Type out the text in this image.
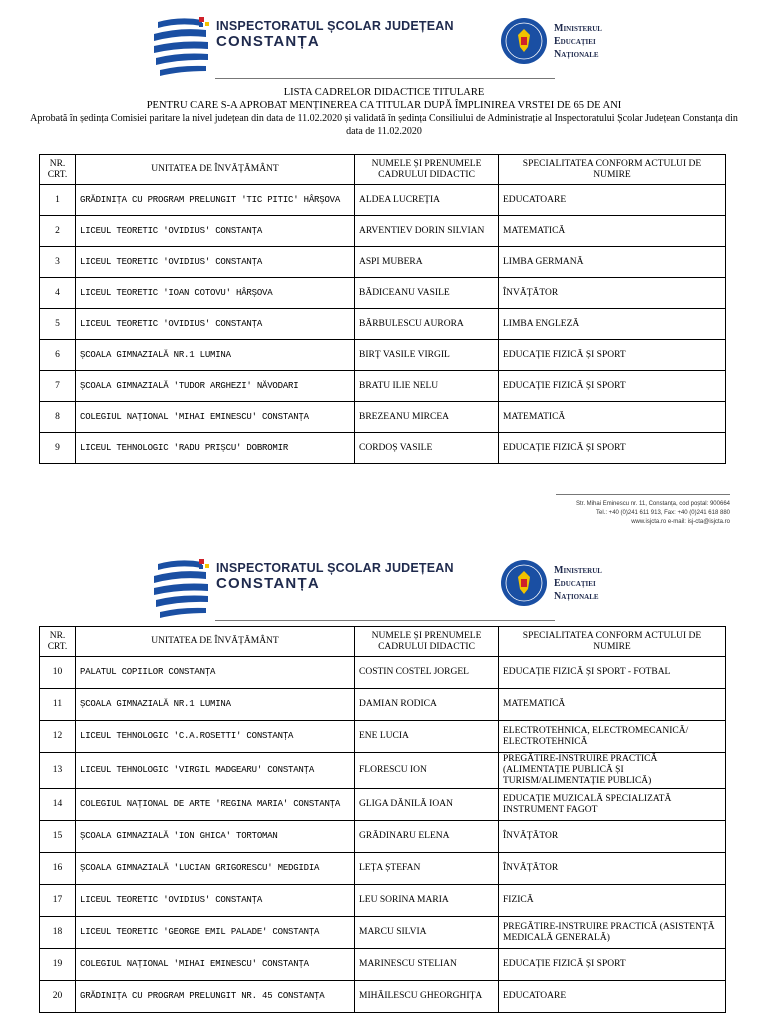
INSPECTORATUL ȘCOLAR JUDEȚEAN
CONSTANȚA
Ministerul
Educației
Naționale
LISTA CADRELOR DIDACTICE TITULARE
PENTRU CARE S-A APROBAT MENȚINEREA CA TITULAR DUPĂ ÎMPLINIREA VRSTEI DE 65 DE ANI
Aprobată în ședința Comisiei paritare la nivel județean din data de 11.02.2020 și validată în ședința Consiliului de Administrație al Inspectoratului Școlar Județean Constanța din data de 11.02.2020
NR. CRT.	UNITATEA DE ÎNVĂȚĂMÂNT	NUMELE ȘI PRENUMELE CADRULUI DIDACTIC	SPECIALITATEA CONFORM ACTULUI DE NUMIRE
1	GRĂDINIȚA CU PROGRAM PRELUNGIT 'TIC PITIC' HÂRȘOVA	ALDEA LUCREȚIA	EDUCATOARE
2	LICEUL TEORETIC 'OVIDIUS' CONSTANȚA	ARVENTIEV DORIN SILVIAN	MATEMATICĂ
3	LICEUL TEORETIC 'OVIDIUS' CONSTANȚA	ASPI MUBERA	LIMBA GERMANĂ
4	LICEUL TEORETIC 'IOAN COTOVU' HÂRȘOVA	BĂDICEANU VASILE	ÎNVĂȚĂTOR
5	LICEUL TEORETIC 'OVIDIUS' CONSTANȚA	BĂRBULESCU AURORA	LIMBA ENGLEZĂ
6	ȘCOALA GIMNAZIALĂ NR.1 LUMINA	BIRȚ VASILE VIRGIL	EDUCAȚIE FIZICĂ ȘI SPORT
7	ȘCOALA GIMNAZIALĂ 'TUDOR ARGHEZI' NĂVODARI	BRATU ILIE NELU	EDUCAȚIE FIZICĂ ȘI SPORT
8	COLEGIUL NAȚIONAL 'MIHAI EMINESCU' CONSTANȚA	BREZEANU MIRCEA	MATEMATICĂ
9	LICEUL TEHNOLOGIC 'RADU PRIȘCU' DOBROMIR	CORDOȘ VASILE	EDUCAȚIE FIZICĂ ȘI SPORT
Str. Mihai Eminescu nr. 11, Constanța, cod poștal: 900664
Tel.: +40 (0)241 611 913, Fax: +40 (0)241 618 880
www.isjcta.ro e-mail: isj-cta@isjcta.ro
INSPECTORATUL ȘCOLAR JUDEȚEAN
CONSTANȚA
Ministerul
Educației
Naționale
NR. CRT.	UNITATEA DE ÎNVĂȚĂMÂNT	NUMELE ȘI PRENUMELE CADRULUI DIDACTIC	SPECIALITATEA CONFORM ACTULUI DE NUMIRE
10	PALATUL COPIILOR CONSTANȚA	COSTIN COSTEL JORGEL	EDUCAȚIE FIZICĂ ȘI SPORT - FOTBAL
11	ȘCOALA GIMNAZIALĂ NR.1 LUMINA	DAMIAN RODICA	MATEMATICĂ
12	LICEUL TEHNOLOGIC 'C.A.ROSETTI' CONSTANȚA	ENE LUCIA	ELECTROTEHNICA, ELECTROMECANICĂ/ ELECTROTEHNICĂ
13	LICEUL TEHNOLOGIC 'VIRGIL MADGEARU' CONSTANȚA	FLORESCU ION	PREGĂTIRE-INSTRUIRE PRACTICĂ (ALIMENTAȚIE PUBLICĂ ȘI TURISM/ALIMENTAȚIE PUBLICĂ)
14	COLEGIUL NAȚIONAL DE ARTE 'REGINA MARIA' CONSTANȚA	GLIGA DĂNILĂ IOAN	EDUCAȚIE MUZICALĂ SPECIALIZATĂ INSTRUMENT FAGOT
15	ȘCOALA GIMNAZIALĂ 'ION GHICA' TORTOMAN	GRĂDINARU ELENA	ÎNVĂȚĂTOR
16	ȘCOALA GIMNAZIALĂ 'LUCIAN GRIGORESCU' MEDGIDIA	LEȚA ȘTEFAN	ÎNVĂȚĂTOR
17	LICEUL TEORETIC 'OVIDIUS' CONSTANȚA	LEU SORINA MARIA	FIZICĂ
18	LICEUL TEORETIC 'GEORGE EMIL PALADE' CONSTANȚA	MARCU SILVIA	PREGĂTIRE-INSTRUIRE PRACTICĂ (ASISTENȚĂ MEDICALĂ GENERALĂ)
19	COLEGIUL NAȚIONAL 'MIHAI EMINESCU' CONSTANȚA	MARINESCU STELIAN	EDUCAȚIE FIZICĂ ȘI SPORT
20	GRĂDINIȚA CU PROGRAM PRELUNGIT NR. 45 CONSTANȚA	MIHĂILESCU GHEORGHIȚA	EDUCATOARE
